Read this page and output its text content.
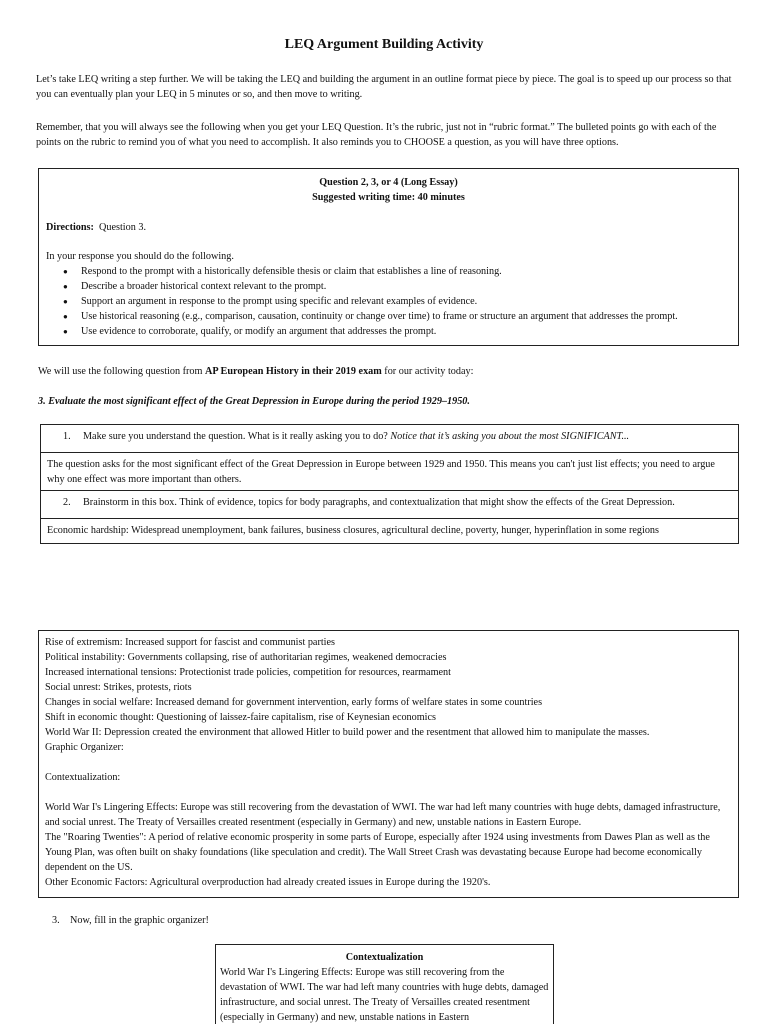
LEQ Argument Building Activity
Let’s take LEQ writing a step further. We will be taking the LEQ and building the argument in an outline format piece by piece. The goal is to speed up our process so that you can eventually plan your LEQ in 5 minutes or so, and then move to writing.
Remember, that you will always see the following when you get your LEQ Question. It’s the rubric, just not in “rubric format.” The bulleted points go with each of the points on the rubric to remind you of what you need to accomplish. It also reminds you to CHOOSE a question, as you will have three options.
Question 2, 3, or 4 (Long Essay)
Suggested writing time: 40 minutes
Directions: Question 3.
In your response you should do the following.
● Respond to the prompt with a historically defensible thesis or claim that establishes a line of reasoning.
● Describe a broader historical context relevant to the prompt.
● Support an argument in response to the prompt using specific and relevant examples of evidence.
● Use historical reasoning (e.g., comparison, causation, continuity or change over time) to frame or structure an argument that addresses the prompt.
● Use evidence to corroborate, qualify, or modify an argument that addresses the prompt.
We will use the following question from AP European History in their 2019 exam for our activity today:
3. Evaluate the most significant effect of the Great Depression in Europe during the period 1929–1950.
1. Make sure you understand the question. What is it really asking you to do? Notice that it’s asking you about the most SIGNIFICANT...
The question asks for the most significant effect of the Great Depression in Europe between 1929 and 1950. This means you can't just list effects; you need to argue why one effect was more important than others.
2. Brainstorm in this box. Think of evidence, topics for body paragraphs, and contextualization that might show the effects of the Great Depression.
Economic hardship: Widespread unemployment, bank failures, business closures, agricultural decline, poverty, hunger, hyperinflation in some regions
Rise of extremism: Increased support for fascist and communist parties
Political instability: Governments collapsing, rise of authoritarian regimes, weakened democracies
Increased international tensions: Protectionist trade policies, competition for resources, rearmament
Social unrest: Strikes, protests, riots
Changes in social welfare: Increased demand for government intervention, early forms of welfare states in some countries
Shift in economic thought: Questioning of laissez-faire capitalism, rise of Keynesian economics
World War II: Depression created the environment that allowed Hitler to build power and the resentment that allowed him to manipulate the masses.
Graphic Organizer:
Contextualization:
World War I's Lingering Effects: Europe was still recovering from the devastation of WWI. The war had left many countries with huge debts, damaged infrastructure, and social unrest. The Treaty of Versailles created resentment (especially in Germany) and new, unstable nations in Eastern Europe.
The "Roaring Twenties": A period of relative economic prosperity in some parts of Europe, especially after 1924 using investments from Dawes Plan as well as the Young Plan, was often built on shaky foundations (like speculation and credit). The Wall Street Crash was devastating because Europe had become economically dependent on the US.
Other Economic Factors: Agricultural overproduction had already created issues in Europe during the 1920's.
3. Now, fill in the graphic organizer!
Contextualization
World War I's Lingering Effects: Europe was still recovering from the devastation of WWI. The war had left many countries with huge debts, damaged infrastructure, and social unrest. The Treaty of Versailles created resentment (especially in Germany) and new, unstable nations in Eastern
